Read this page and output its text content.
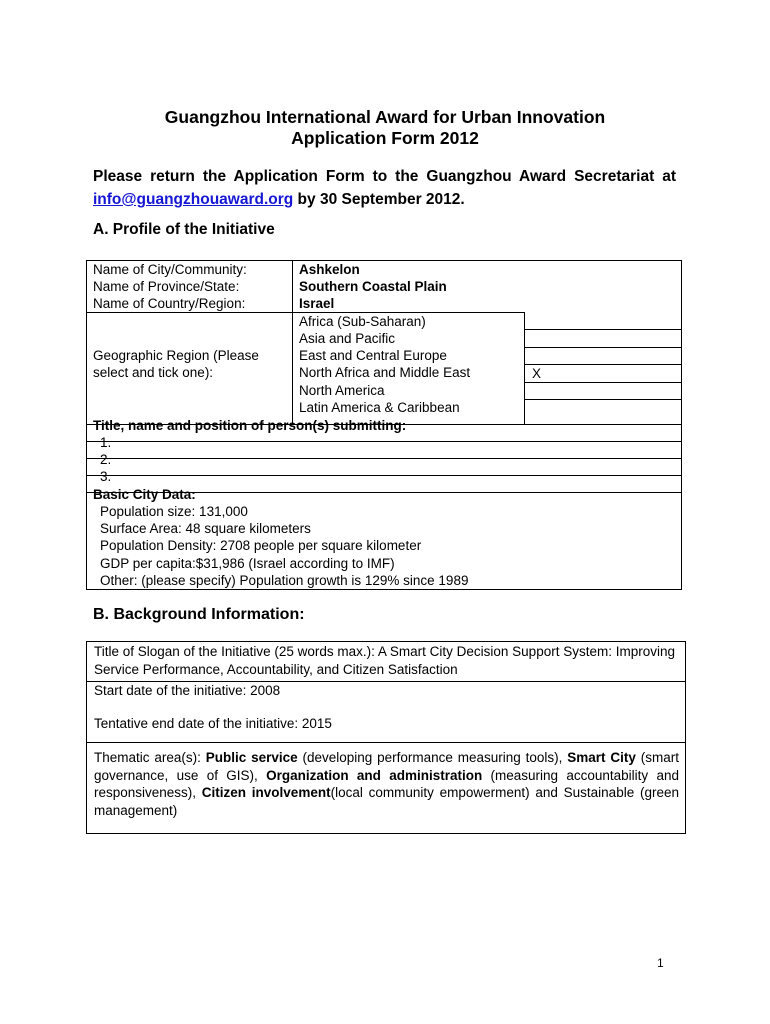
Guangzhou International Award for Urban Innovation
Application Form 2012
Please return the Application Form to the Guangzhou Award Secretariat at info@guangzhouaward.org by 30 September 2012.
A. Profile of the Initiative
Name of City/Community:
Name of Province/State:
Name of Country/Region:
Ashkelon
Southern Coastal Plain
Israel
Geographic Region (Please
select and tick one):
Africa (Sub-Saharan)
Asia and Pacific
East and Central Europe
North Africa and Middle East
North America
Latin America & Caribbean
X
Title, name and position of person(s) submitting:
1.
2.
3.
Basic City Data:
Population size: 131,000
Surface Area: 48 square kilometers
Population Density: 2708 people per square kilometer
GDP per capita:$31,986 (Israel according to IMF)
Other: (please specify) Population growth is 129% since 1989
B. Background Information:
Title of Slogan of the Initiative (25 words max.): A Smart City Decision Support System: Improving Service Performance, Accountability, and Citizen Satisfaction
Start date of the initiative: 2008
Tentative end date of the initiative: 2015
Thematic area(s): Public service (developing performance measuring tools), Smart City (smart governance, use of GIS), Organization and administration (measuring accountability and responsiveness), Citizen involvement(local community empowerment) and Sustainable (green management)
1
